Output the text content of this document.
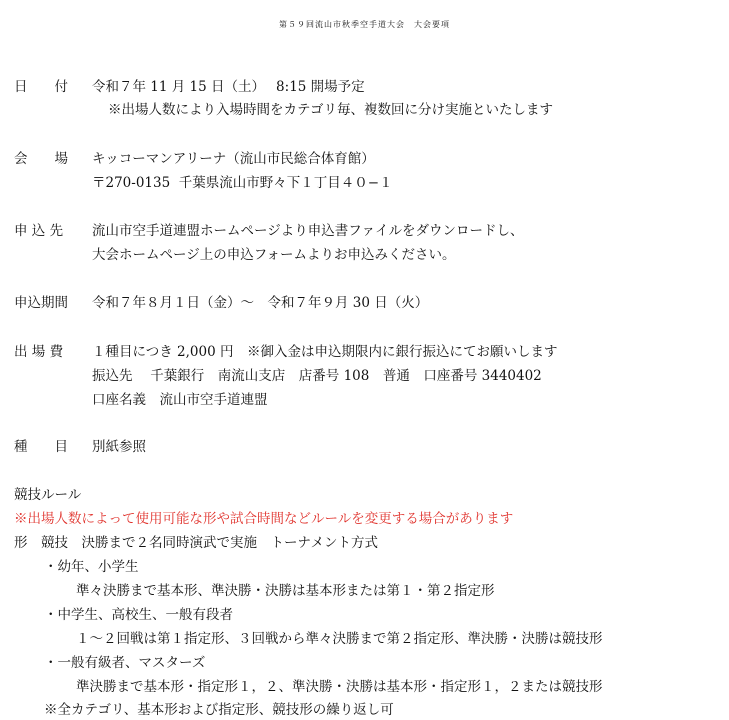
第５９回流山市秋季空手道大会　大会要項
日　　付 令和７年 11 月 15 日（土）　 8:15 開場予定
※出場人数により入場時間をカテゴリ毎、複数回に分け実施といたします
会　　場 キッコーマンアリーナ（流山市民総合体育館）
〒270-0135  千葉県流山市野々下１丁目４０−１
申 込 先 流山市空手道連盟ホームページより申込書ファイルをダウンロードし、
大会ホームページ上の申込フォームよりお申込みください。
申込期間 令和７年８月１日（金）〜　令和７年９月 30 日（火）
出 場 費 １種目につき 2,000 円　※御入金は申込期限内に銀行振込にてお願いします
振込先　 千葉銀行　南流山支店　店番号 108　普通　口座番号 3440402
口座名義　流山市空手道連盟
種　　目 別紙参照
競技ルール
※出場人数によって使用可能な形や試合時間などルールを変更する場合があります
形　競技　決勝まで２名同時演武で実施　トーナメント方式
・幼年、小学生
準々決勝まで基本形、準決勝・決勝は基本形または第１・第２指定形
・中学生、高校生、一般有段者
１〜２回戦は第１指定形、３回戦から準々決勝まで第２指定形、準決勝・決勝は競技形
・一般有級者、マスターズ
準決勝まで基本形・指定形１，２、準決勝・決勝は基本形・指定形１，２または競技形
※全カテゴリ、基本形および指定形、競技形の繰り返し可
